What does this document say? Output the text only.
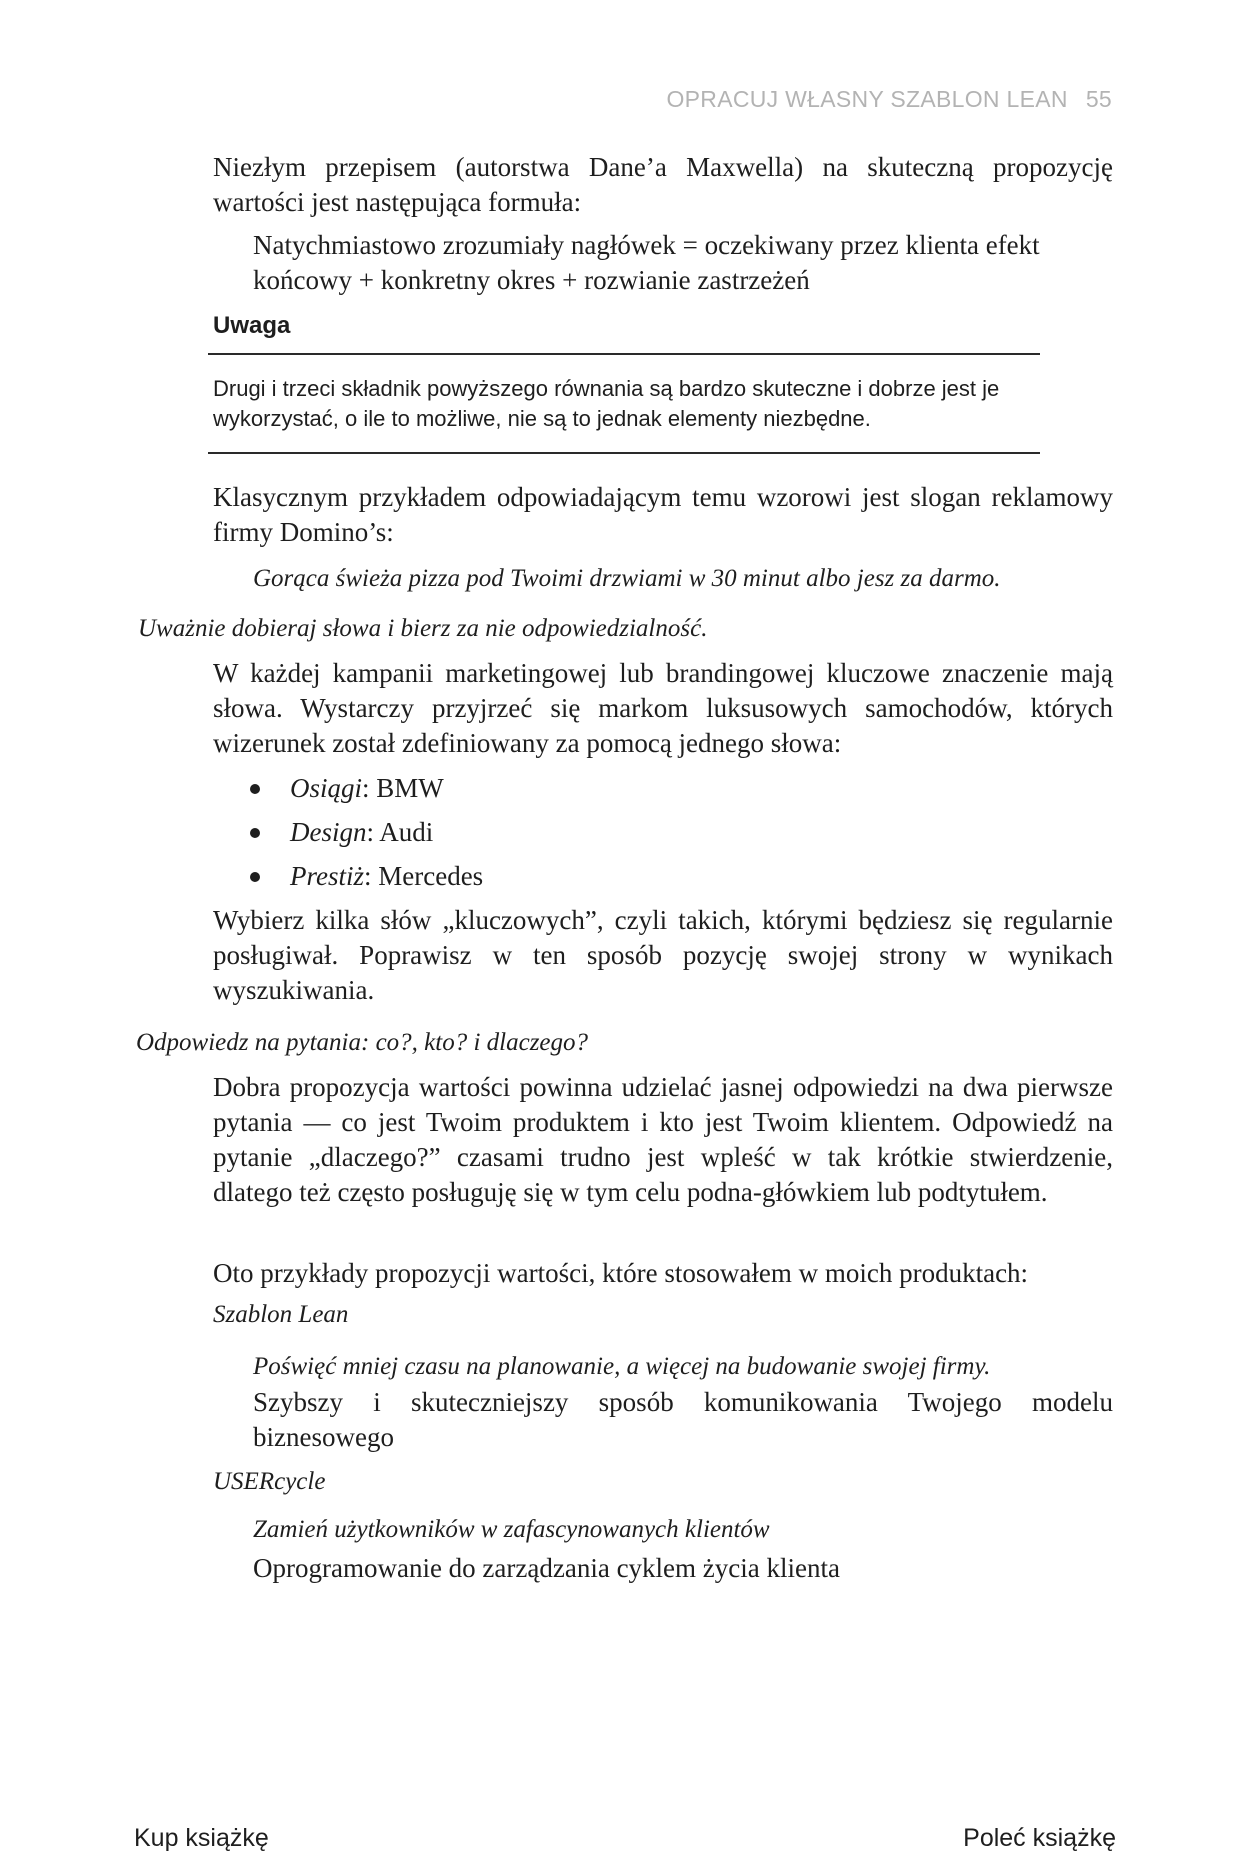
OPRACUJ WŁASNY SZABLON LEAN 55

Niezłym przepisem (autorstwa Dane’a Maxwella) na skuteczną propozycję wartości jest następująca formuła:

Natychmiastowo zrozumiały nagłówek = oczekiwany przez klienta efekt końcowy + konkretny okres + rozwianie zastrzeżeń

Uwaga
Drugi i trzeci składnik powyższego równania są bardzo skuteczne i dobrze jest je wykorzystać, o ile to możliwe, nie są to jednak elementy niezbędne.

Klasycznym przykładem odpowiadającym temu wzorowi jest slogan reklamowy firmy Domino’s:

Gorąca świeża pizza pod Twoimi drzwiami w 30 minut albo jesz za darmo.

Uważnie dobieraj słowa i bierz za nie odpowiedzialność.

W każdej kampanii marketingowej lub brandingowej kluczowe znaczenie mają słowa. Wystarczy przyjrzeć się markom luksusowych samochodów, których wizerunek został zdefiniowany za pomocą jednego słowa:

Osiągi: BMW
Design: Audi
Prestiż: Mercedes

Wybierz kilka słów „kluczowych”, czyli takich, którymi będziesz się regularnie posługiwał. Poprawisz w ten sposób pozycję swojej strony w wynikach wyszukiwania.

Odpowiedz na pytania: co?, kto? i dlaczego?

Dobra propozycja wartości powinna udzielać jasnej odpowiedzi na dwa pierwsze pytania — co jest Twoim produktem i kto jest Twoim klientem. Odpowiedź na pytanie „dlaczego?” czasami trudno jest wpleść w tak krótkie stwierdzenie, dlatego też często posługuję się w tym celu podna-główkiem lub podtytułem.

Oto przykłady propozycji wartości, które stosowałem w moich produktach:

Szablon Lean

Poświęć mniej czasu na planowanie, a więcej na budowanie swojej firmy.

Szybszy i skuteczniejszy sposób komunikowania Twojego modelu biznesowego

USERcycle

Zamień użytkowników w zafascynowanych klientów

Oprogramowanie do zarządzania cyklem życia klienta

Kup książkę	Poleć książkę
